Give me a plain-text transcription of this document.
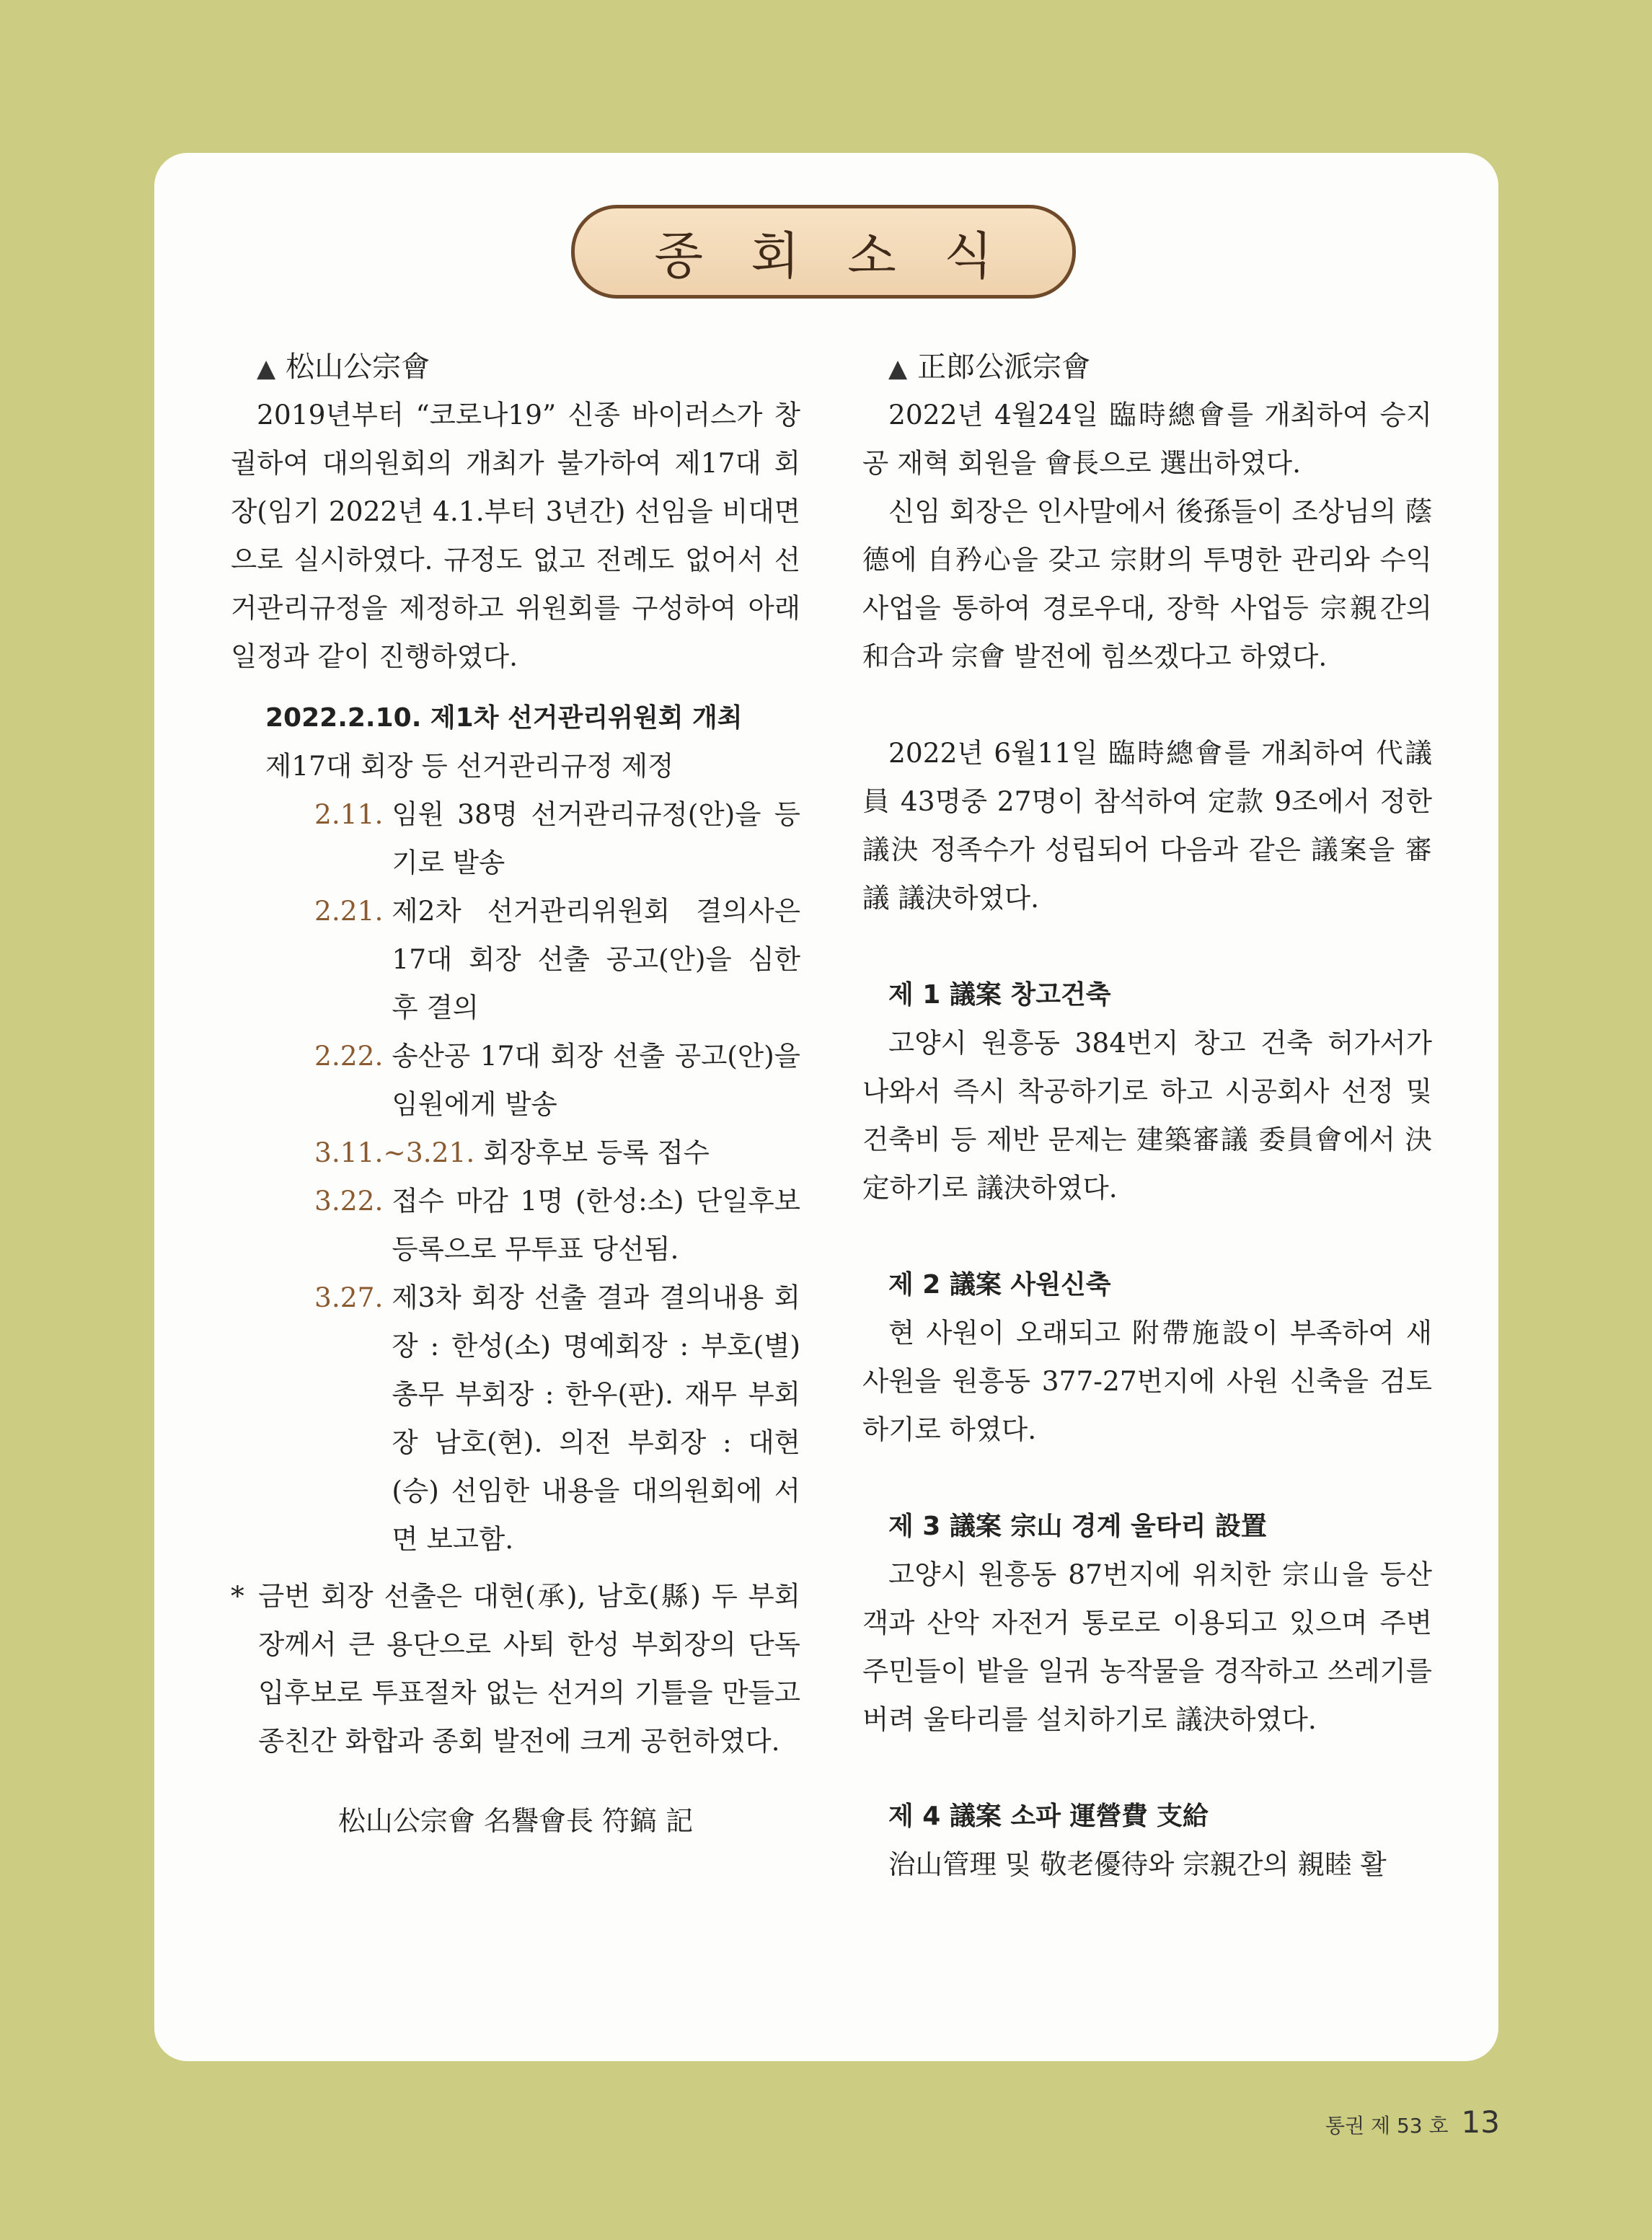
종 회 소 식
▲ 松山公宗會
2019년부터 “코로나19” 신종 바이러스가 창궐하여 대의원회의 개최가 불가하여 제17대 회장(임기 2022년 4.1.부터 3년간) 선임을 비대면으로 실시하였다. 규정도 없고 전례도 없어서 선거관리규정을 제정하고 위원회를 구성하여 아래 일정과 같이 진행하였다.
2022.2.10. 제1차 선거관리위원회 개최
제17대 회장 등 선거관리규정 제정
2.11. 임원 38명 선거관리규정(안)을 등기로 발송
2.21. 제2차 선거관리위원회 결의사은 17대 회장 선출 공고(안)을 심한 후 결의
2.22. 송산공 17대 회장 선출 공고(안)을 임원에게 발송
3.11.~3.21. 회장후보 등록 접수
3.22. 접수 마감 1명 (한성:소) 단일후보 등록으로 무투표 당선됨.
3.27. 제3차 회장 선출 결과 결의내용 회장 : 한성(소) 명예회장 : 부호(별) 총무 부회장 : 한우(판). 재무 부회장 남호(현). 의전 부회장 : 대현(승) 선임한 내용을 대의원회에 서면 보고함.
* 금번 회장 선출은 대현(承), 남호(縣) 두 부회장께서 큰 용단으로 사퇴 한성 부회장의 단독 입후보로 투표절차 없는 선거의 기틀을 만들고 종친간 화합과 종회 발전에 크게 공헌하였다.
松山公宗會 名譽會長 符鎬 記
▲ 正郎公派宗會
2022년 4월24일 臨時總會를 개최하여 승지공 재혁 회원을 會長으로 選出하였다.
신임 회장은 인사말에서 後孫들이 조상님의 蔭德에 自矜心을 갖고 宗財의 투명한 관리와 수익 사업을 통하여 경로우대, 장학 사업등 宗親간의 和合과 宗會 발전에 힘쓰겠다고 하였다.
2022년 6월11일 臨時總會를 개최하여 代議員 43명중 27명이 참석하여 定款 9조에서 정한 議決 정족수가 성립되어 다음과 같은 議案을 審議 議決하였다.
제 1 議案 창고건축
고양시 원흥동 384번지 창고 건축 허가서가 나와서 즉시 착공하기로 하고 시공회사 선정 및 건축비 등 제반 문제는 建築審議 委員會에서 決定하기로 議決하였다.
제 2 議案 사원신축
현 사원이 오래되고 附帶施設이 부족하여 새 사원을 원흥동 377-27번지에 사원 신축을 검토하기로 하였다.
제 3 議案 宗山 경계 울타리 設置
고양시 원흥동 87번지에 위치한 宗山을 등산객과 산악 자전거 통로로 이용되고 있으며 주변 주민들이 밭을 일궈 농작물을 경작하고 쓰레기를 버려 울타리를 설치하기로 議決하였다.
제 4 議案 소파 運營費 支給
治山管理 및 敬老優待와 宗親간의 親睦 활
통권 제 53 호 13
